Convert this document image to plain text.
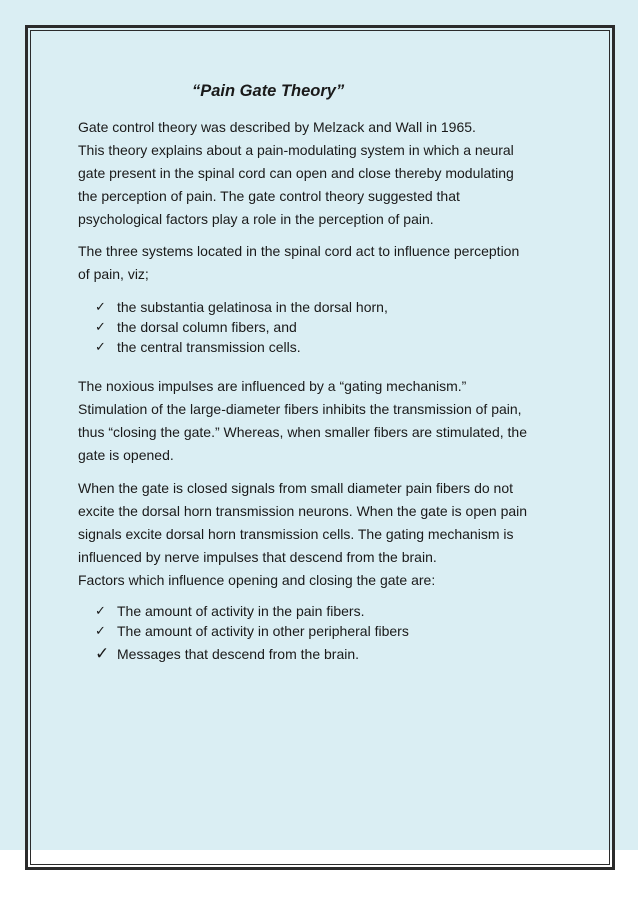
“Pain Gate Theory”

Gate control theory was described by Melzack and Wall in 1965.

This theory explains about a pain-modulating system in which a neural

gate present in the spinal cord can open and close thereby modulating

the perception of pain. The gate control theory suggested that

psychological factors play a role in the perception of pain.

The three systems located in the spinal cord act to influence perception

of pain, viz;

✓ the substantia gelatinosa in the dorsal horn,
✓ the dorsal column fibers, and
✓ the central transmission cells.

The noxious impulses are influenced by a “gating mechanism.”

Stimulation of the large-diameter fibers inhibits the transmission of pain,

thus “closing the gate.” Whereas, when smaller fibers are stimulated, the

gate is opened.

When the gate is closed signals from small diameter pain fibers do not

excite the dorsal horn transmission neurons. When the gate is open pain

signals excite dorsal horn transmission cells. The gating mechanism is

influenced by nerve impulses that descend from the brain.

Factors which influence opening and closing the gate are:

✓ The amount of activity in the pain fibers.
✓ The amount of activity in other peripheral fibers
✓ Messages that descend from the brain.
